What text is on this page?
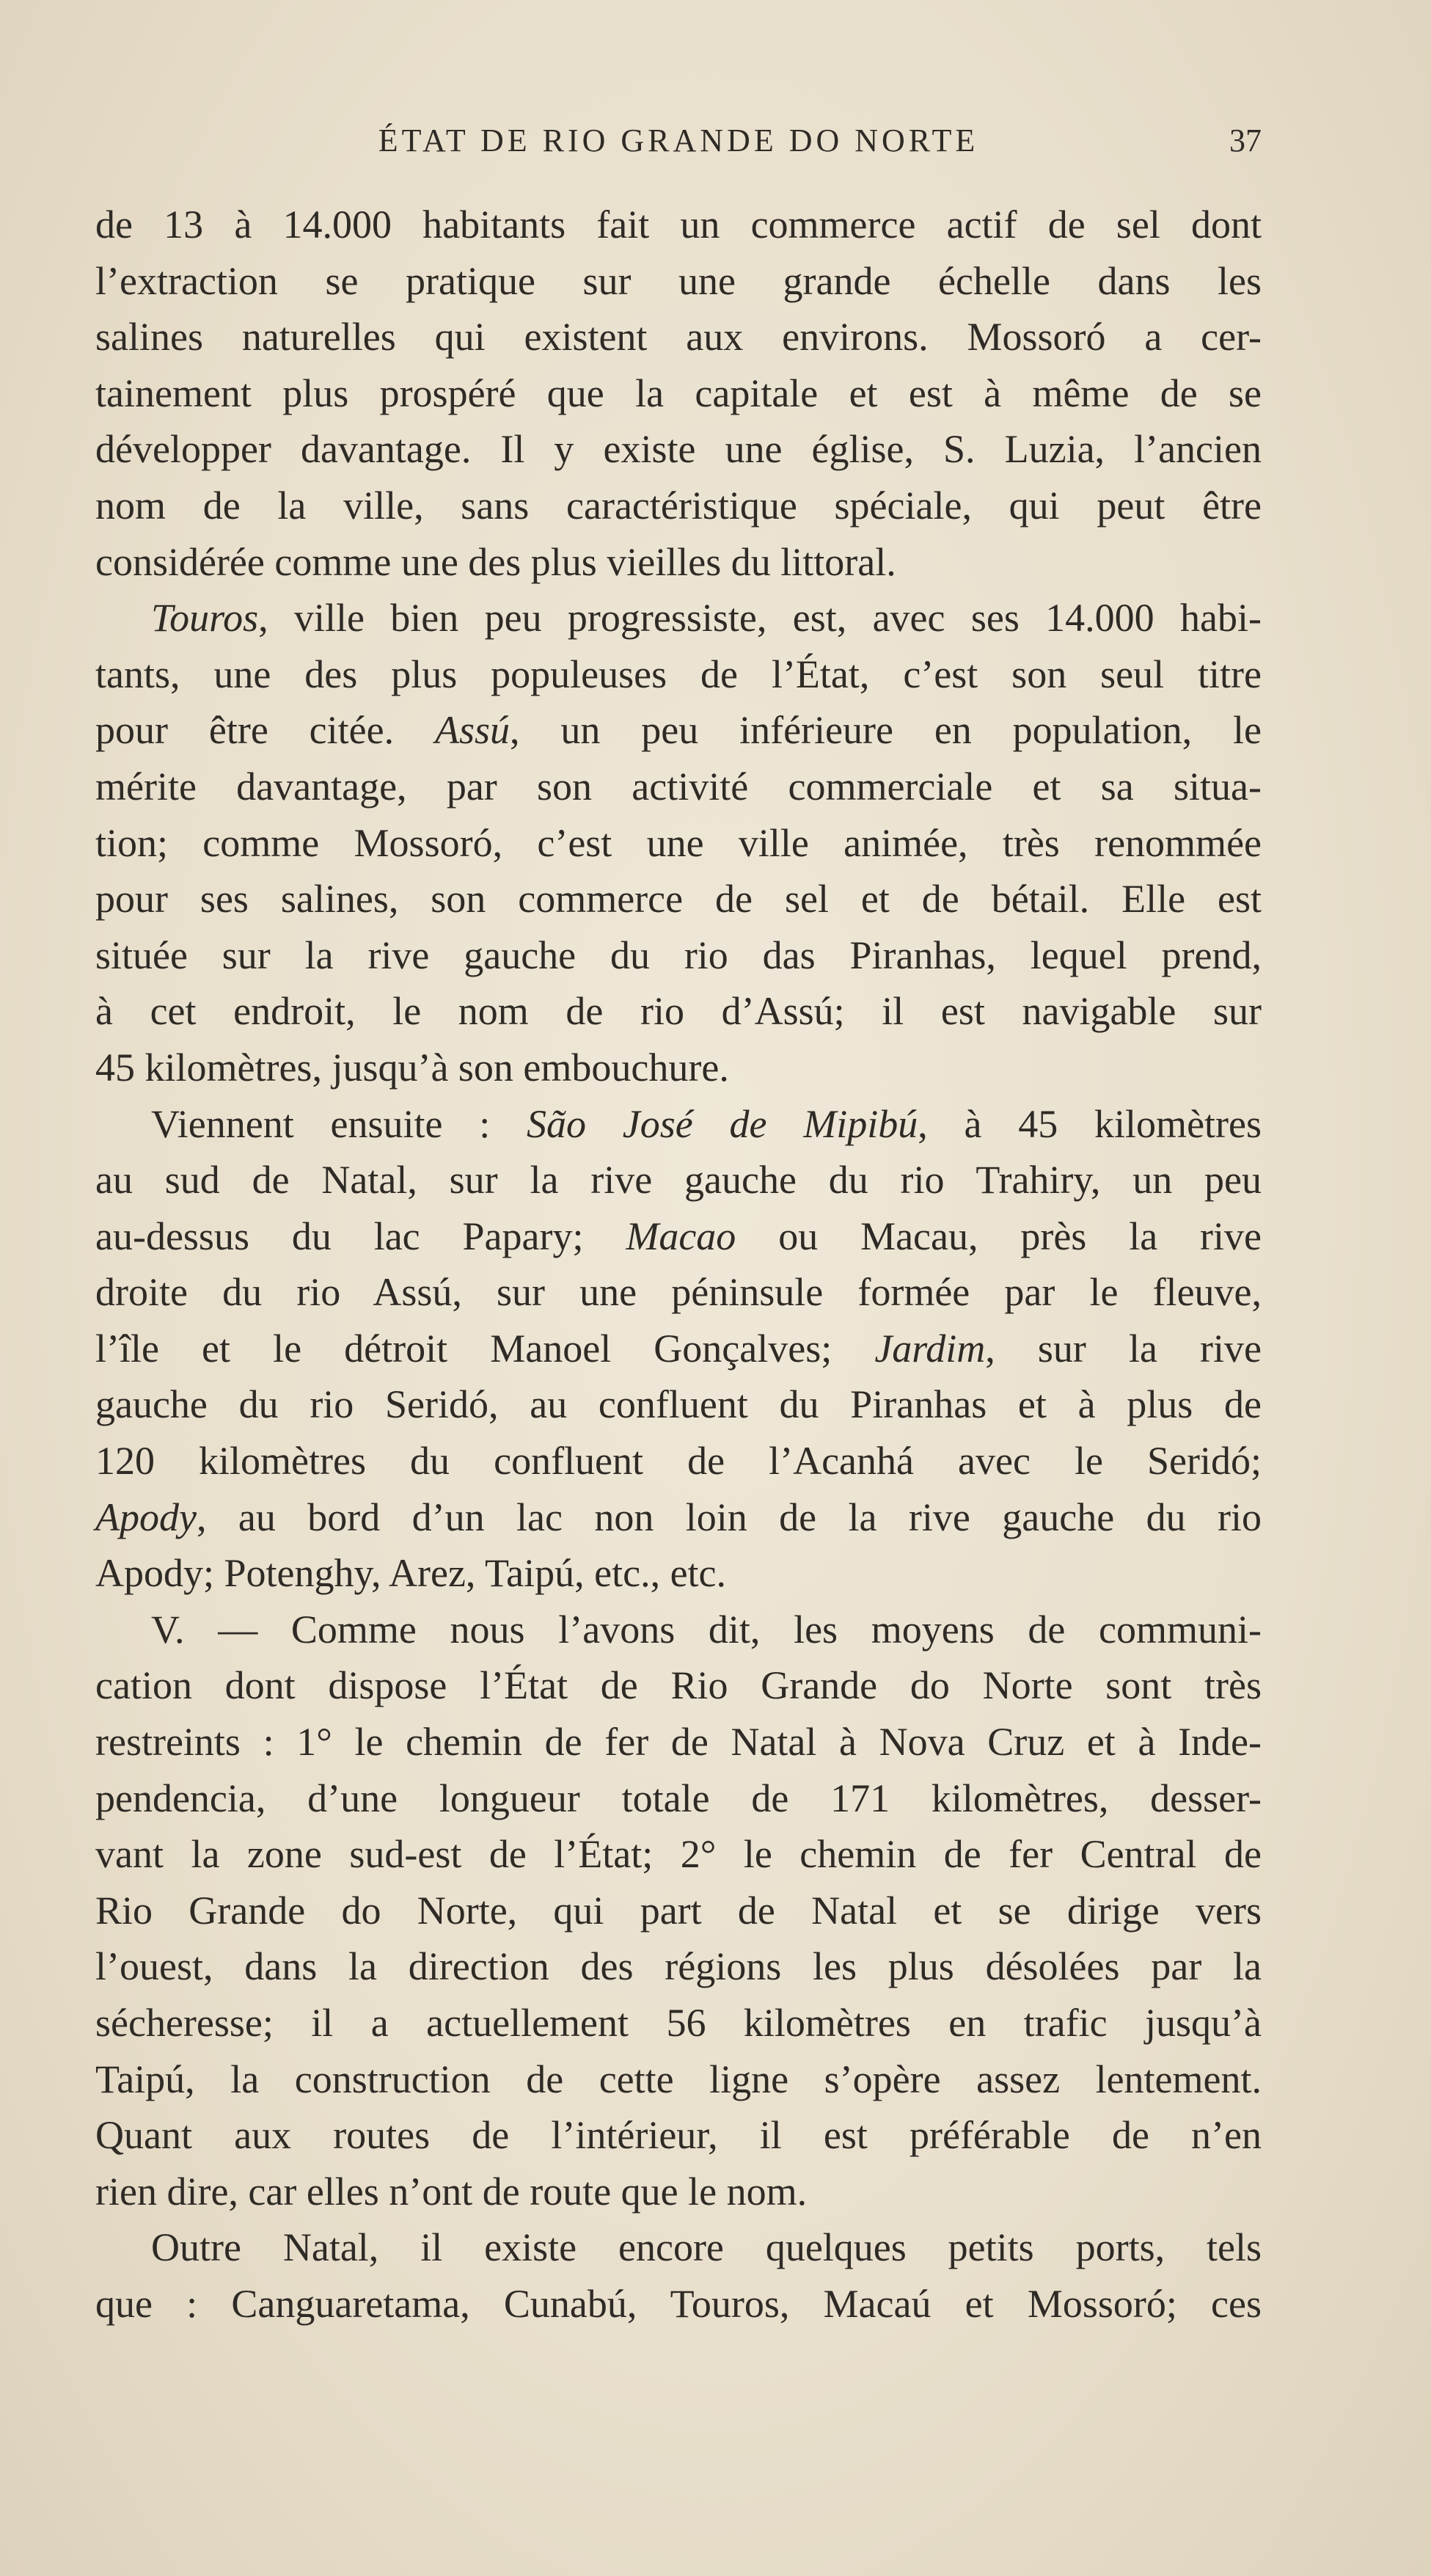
ÉTAT DE RIO GRANDE DO NORTE	37
de 13 à 14.000 habitants fait un commerce actif de sel dont
l’extraction se pratique sur une grande échelle dans les
salines naturelles qui existent aux environs. Mossoró a cer-
tainement plus prospéré que la capitale et est à même de se
développer davantage. Il y existe une église, S. Luzia, l’ancien
nom de la ville, sans caractéristique spéciale, qui peut être
considérée comme une des plus vieilles du littoral.
Touros, ville bien peu progressiste, est, avec ses 14.000 habi-
tants, une des plus populeuses de l’État, c’est son seul titre
pour être citée. Assú, un peu inférieure en population, le
mérite davantage, par son activité commerciale et sa situa-
tion; comme Mossoró, c’est une ville animée, très renommée
pour ses salines, son commerce de sel et de bétail. Elle est
située sur la rive gauche du rio das Piranhas, lequel prend,
à cet endroit, le nom de rio d’Assú; il est navigable sur
45 kilomètres, jusqu’à son embouchure.
Viennent ensuite : São José de Mipibú, à 45 kilomètres
au sud de Natal, sur la rive gauche du rio Trahiry, un peu
au-dessus du lac Papary; Macao ou Macau, près la rive
droite du rio Assú, sur une péninsule formée par le fleuve,
l’île et le détroit Manoel Gonçalves; Jardim, sur la rive
gauche du rio Seridó, au confluent du Piranhas et à plus de
120 kilomètres du confluent de l’Acanhá avec le Seridó;
Apody, au bord d’un lac non loin de la rive gauche du rio
Apody; Potenghy, Arez, Taipú, etc., etc.
V. — Comme nous l’avons dit, les moyens de communi-
cation dont dispose l’État de Rio Grande do Norte sont très
restreints : 1° le chemin de fer de Natal à Nova Cruz et à Inde-
pendencia, d’une longueur totale de 171 kilomètres, desser-
vant la zone sud-est de l’État; 2° le chemin de fer Central de
Rio Grande do Norte, qui part de Natal et se dirige vers
l’ouest, dans la direction des régions les plus désolées par la
sécheresse; il a actuellement 56 kilomètres en trafic jusqu’à
Taipú, la construction de cette ligne s’opère assez lentement.
Quant aux routes de l’intérieur, il est préférable de n’en
rien dire, car elles n’ont de route que le nom.
Outre Natal, il existe encore quelques petits ports, tels
que : Canguaretama, Cunabú, Touros, Macaú et Mossoró; ces
